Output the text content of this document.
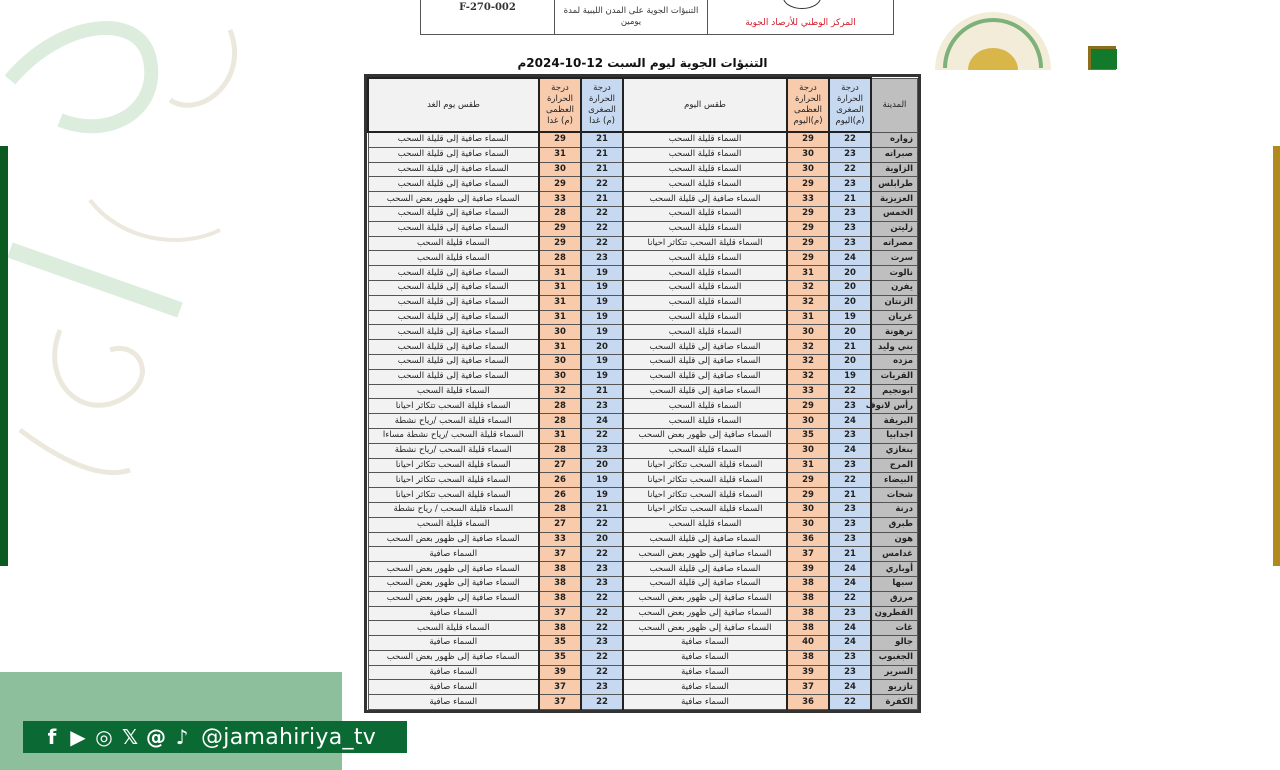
F-270-002	التنبؤات الجوية على المدن الليبية لمدة يومين	المركز الوطني للأرصاد الجوية
التنبؤات الجوية ليوم السبت 12-10-2024م
المدينة	درجة الحرارة الصغرى (م)اليوم	درجة الحرارة العظمى (م)اليوم	طقس اليوم	درجة الحرارة الصغرى (م) غدا	درجة الحرارة العظمى (م) غدا	طقس يوم الغد
زواره	22	29	السماء قليلة السحب	21	29	السماء صافية إلى قليلة السحب
صبراته	23	30	السماء قليلة السحب	21	31	السماء صافية إلى قليلة السحب
الزاوية	22	30	السماء قليلة السحب	21	30	السماء صافية إلى قليلة السحب
طرابلس	23	29	السماء قليلة السحب	22	29	السماء صافية إلى قليلة السحب
العزيزية	21	33	السماء صافية إلى قليلة السحب	21	33	السماء صافية إلى ظهور بعض السحب
الخمس	23	29	السماء قليلة السحب	22	28	السماء صافية إلى قليلة السحب
زليتن	23	29	السماء قليلة السحب	22	29	السماء صافية إلى قليلة السحب
مصراته	23	29	السماء قليلة السحب تتكاثر احيانا	22	29	السماء قليلة السحب
سرت	24	29	السماء قليلة السحب	23	28	السماء قليلة السحب
نالوت	20	31	السماء قليلة السحب	19	31	السماء صافية إلى قليلة السحب
يفرن	20	32	السماء قليلة السحب	19	31	السماء صافية إلى قليلة السحب
الزنتان	20	32	السماء قليلة السحب	19	31	السماء صافية إلى قليلة السحب
غريان	19	31	السماء قليلة السحب	19	31	السماء صافية إلى قليلة السحب
ترهونة	20	30	السماء قليلة السحب	19	30	السماء صافية إلى قليلة السحب
بني وليد	21	32	السماء صافية إلى قليلة السحب	20	31	السماء صافية إلى قليلة السحب
مزده	20	32	السماء صافية إلى قليلة السحب	19	30	السماء صافية إلى قليلة السحب
القريات	19	32	السماء صافية إلى قليلة السحب	19	30	السماء صافية إلى قليلة السحب
ابونجيم	22	33	السماء صافية إلى قليلة السحب	21	32	السماء قليلة السحب
رأس لانوف	23	29	السماء قليلة السحب	23	28	السماء قليلة السحب تتكاثر احيانا
البريقة	24	30	السماء قليلة السحب	24	28	السماء قليلة السحب /رياح نشطة
اجدابيا	23	35	السماء صافية إلى ظهور بعض السحب	22	31	السماء قليلة السحب /رياح نشطة مساءا
بنغازي	24	30	السماء قليلة السحب	23	28	السماء قليلة السحب /رياح نشطة
المرج	23	31	السماء قليلة السحب تتكاثر احيانا	20	27	السماء قليلة السحب تتكاثر احيانا
البيضاء	22	29	السماء قليلة السحب تتكاثر احيانا	19	26	السماء قليلة السحب تتكاثر احيانا
شحات	21	29	السماء قليلة السحب تتكاثر احيانا	19	26	السماء قليلة السحب تتكاثر احيانا
درنة	23	30	السماء قليلة السحب تتكاثر احيانا	21	28	السماء قليلة السحب / رياح نشطة
طبرق	23	30	السماء قليلة السحب	22	27	السماء قليلة السحب
هون	23	36	السماء صافية إلى قليلة السحب	20	33	السماء صافية إلى ظهور بعض السحب
غدامس	21	37	السماء صافية إلى ظهور بعض السحب	22	37	السماء صافية
أوباري	24	39	السماء صافية إلى قليلة السحب	23	38	السماء صافية إلى ظهور بعض السحب
سبها	24	38	السماء صافية إلى قليلة السحب	23	38	السماء صافية إلى ظهور بعض السحب
مرزق	22	38	السماء صافية إلى ظهور بعض السحب	22	38	السماء صافية إلى ظهور بعض السحب
القطرون	23	38	السماء صافية إلى ظهور بعض السحب	22	37	السماء صافية
غات	24	38	السماء صافية إلى ظهور بعض السحب	22	38	السماء قليلة السحب
جالو	24	40	السماء صافية	23	35	السماء صافية
الجغبوب	23	38	السماء صافية	22	35	السماء صافية إلى ظهور بعض السحب
السرير	23	39	السماء صافية	22	39	السماء صافية
تازربو	24	37	السماء صافية	23	37	السماء صافية
الكفرة	22	36	السماء صافية	22	37	السماء صافية
f ▶ ◎ 𝕏 @ ♪ @jamahiriya_tv
